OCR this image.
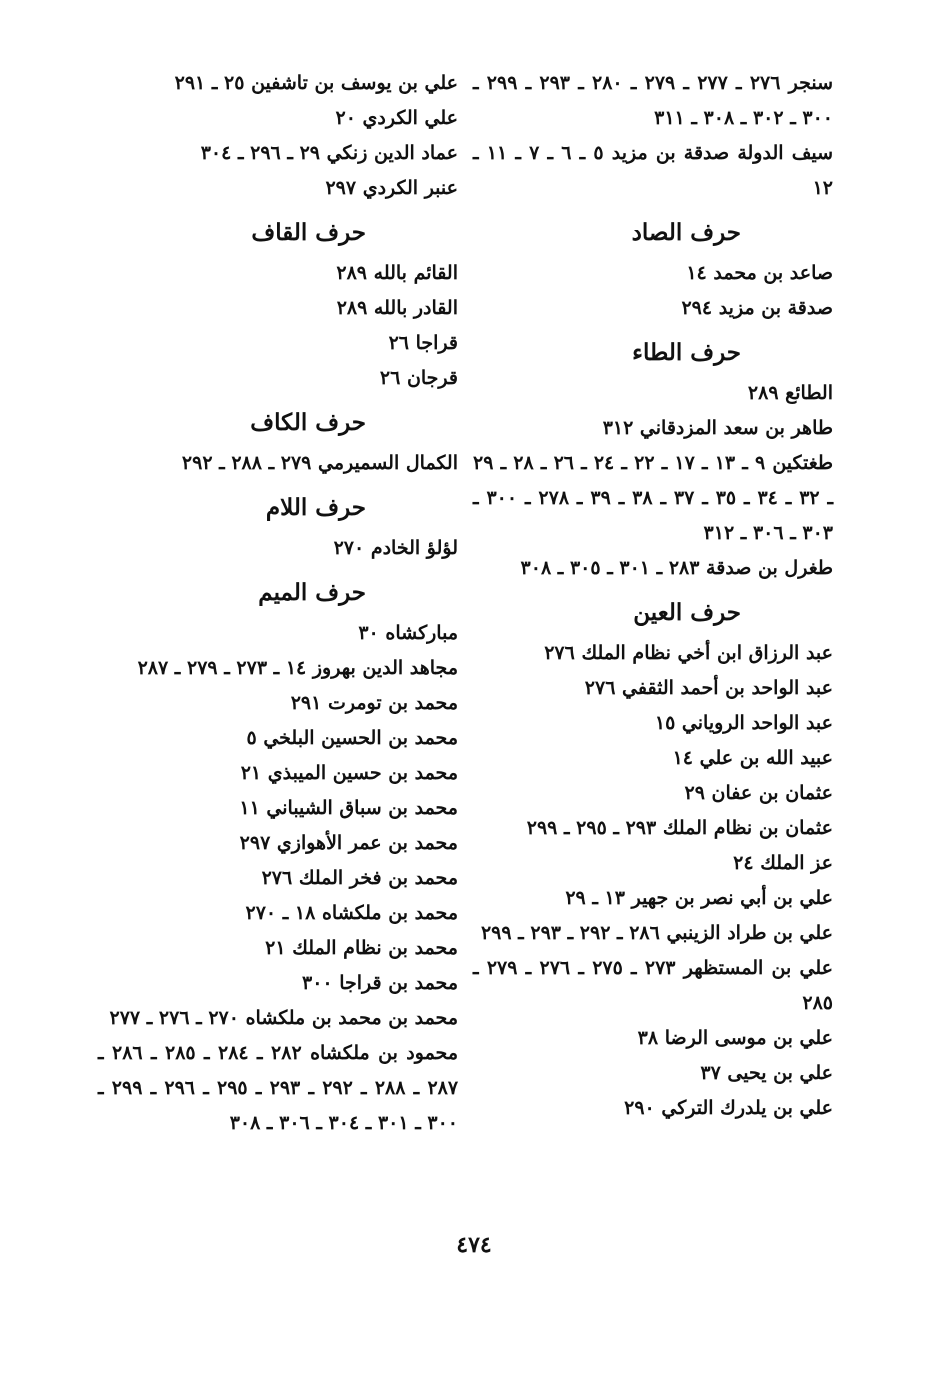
سنجر ٢٧٦ ـ ٢٧٧ ـ ٢٧٩ ـ ٢٨٠ ـ ٢٩٣ ـ ٢٩٩ ـ ٣٠٠ ـ ٣٠٢ ـ ٣٠٨ ـ ٣١١
سيف الدولة صدقة بن مزيد ٥ ـ ٦ ـ ٧ ـ ١١ ـ ١٢
حرف الصاد
صاعد بن محمد ١٤
صدقة بن مزيد ٢٩٤
حرف الطاء
الطائع ٢٨٩
طاهر بن سعد المزدقاني ٣١٢
طغتكين ٩ ـ ١٣ ـ ١٧ ـ ٢٢ ـ ٢٤ ـ ٢٦ ـ ٢٨ ـ ٢٩ ـ ٣٢ ـ ٣٤ ـ ٣٥ ـ ٣٧ ـ ٣٨ ـ ٣٩ ـ ٢٧٨ ـ ٣٠٠ ـ ٣٠٣ ـ ٣٠٦ ـ ٣١٢
طغرل بن صدقة ٢٨٣ ـ ٣٠١ ـ ٣٠٥ ـ ٣٠٨
حرف العين
عبد الرزاق ابن أخي نظام الملك ٢٧٦
عبد الواحد بن أحمد الثقفي ٢٧٦
عبد الواحد الروياني ١٥
عبيد الله بن علي ١٤
عثمان بن عفان ٢٩
عثمان بن نظام الملك ٢٩٣ ـ ٢٩٥ ـ ٢٩٩
عز الملك ٢٤
علي بن أبي نصر بن جهير ١٣ ـ ٢٩
علي بن طراد الزينبي ٢٨٦ ـ ٢٩٢ ـ ٢٩٣ ـ ٢٩٩
علي بن المستظهر ٢٧٣ ـ ٢٧٥ ـ ٢٧٦ ـ ٢٧٩ ـ ٢٨٥
علي بن موسى الرضا ٣٨
علي بن يحيى ٣٧
علي بن يلدرك التركي ٢٩٠
علي بن يوسف بن تاشفين ٢٥ ـ ٢٩١
علي الكردي ٢٠
عماد الدين زنكي ٢٩ ـ ٢٩٦ ـ ٣٠٤
عنبر الكردي ٢٩٧
حرف القاف
القائم بالله ٢٨٩
القادر بالله ٢٨٩
قراجا ٢٦
قرجان ٢٦
حرف الكاف
الكمال السميرمي ٢٧٩ ـ ٢٨٨ ـ ٢٩٢
حرف اللام
لؤلؤ الخادم ٢٧٠
حرف الميم
مباركشاه ٣٠
مجاهد الدين بهروز ١٤ ـ ٢٧٣ ـ ٢٧٩ ـ ٢٨٧
محمد بن تومرت ٢٩١
محمد بن الحسين البلخي ٥
محمد بن حسين الميبذي ٢١
محمد بن سباق الشيباني ١١
محمد بن عمر الأهوازي ٢٩٧
محمد بن فخر الملك ٢٧٦
محمد بن ملكشاه ١٨ ـ ٢٧٠
محمد بن نظام الملك ٢١
محمد بن قراجا ٣٠٠
محمد بن محمد بن ملكشاه ٢٧٠ ـ ٢٧٦ ـ ٢٧٧
محمود بن ملكشاه ٢٨٢ ـ ٢٨٤ ـ ٢٨٥ ـ ٢٨٦ ـ ٢٨٧ ـ ٢٨٨ ـ ٢٩٢ ـ ٢٩٣ ـ ٢٩٥ ـ ٢٩٦ ـ ٢٩٩ ـ ٣٠٠ ـ ٣٠١ ـ ٣٠٤ ـ ٣٠٦ ـ ٣٠٨
٤٧٤
